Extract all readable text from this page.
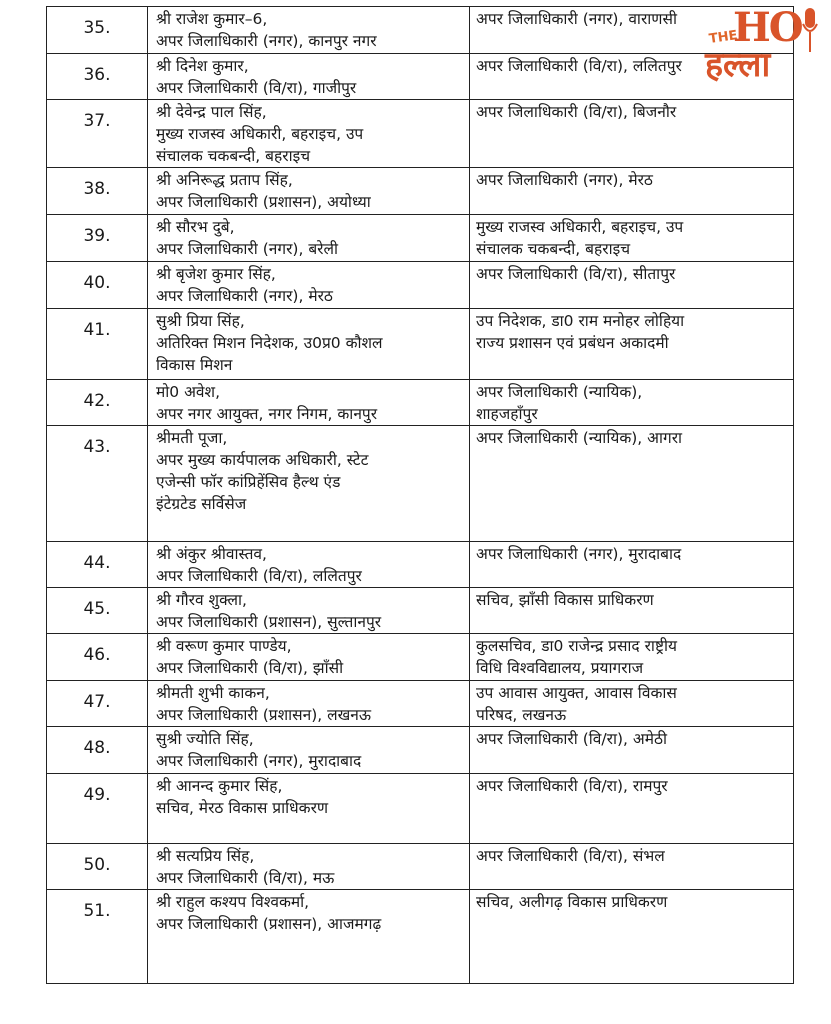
35.	श्री राजेश कुमार–6,
अपर जिलाधिकारी (नगर), कानपुर नगर	अपर जिलाधिकारी (नगर), वाराणसी

36.	श्री दिनेश कुमार,
अपर जिलाधिकारी (वि/रा), गाजीपुर	अपर जिलाधिकारी (वि/रा), ललितपुर

37.	श्री देवेन्द्र पाल सिंह,
मुख्य राजस्व अधिकारी, बहराइच, उप
संचालक चकबन्दी, बहराइच	अपर जिलाधिकारी (वि/रा), बिजनौर

38.	श्री अनिरूद्ध प्रताप सिंह,
अपर जिलाधिकारी (प्रशासन), अयोध्या	अपर जिलाधिकारी (नगर), मेरठ

39.	श्री सौरभ दुबे,
अपर जिलाधिकारी (नगर), बरेली	मुख्य राजस्व अधिकारी, बहराइच, उप
संचालक चकबन्दी, बहराइच

40.	श्री बृजेश कुमार सिंह,
अपर जिलाधिकारी (नगर), मेरठ	अपर जिलाधिकारी (वि/रा), सीतापुर

41.	सुश्री प्रिया सिंह,
अतिरिक्त मिशन निदेशक, उ0प्र0 कौशल
विकास मिशन	उप निदेशक, डा0 राम मनोहर लोहिया
राज्य प्रशासन एवं प्रबंधन अकादमी

42.	मो0 अवेश,
अपर नगर आयुक्त, नगर निगम, कानपुर	अपर जिलाधिकारी (न्यायिक),
शाहजहाँपुर

43.	श्रीमती पूजा,
अपर मुख्य कार्यपालक अधिकारी, स्टेट
एजेन्सी फॉर कांप्रिहेंसिव हैल्थ एंड
इंटेग्रटेड सर्विसेज	अपर जिलाधिकारी (न्यायिक), आगरा

44.	श्री अंकुर श्रीवास्तव,
अपर जिलाधिकारी (वि/रा), ललितपुर	अपर जिलाधिकारी (नगर), मुरादाबाद

45.	श्री गौरव शुक्ला,
अपर जिलाधिकारी (प्रशासन), सुल्तानपुर	सचिव, झाँसी विकास प्राधिकरण

46.	श्री वरूण कुमार पाण्डेय,
अपर जिलाधिकारी (वि/रा), झाँसी	कुलसचिव, डा0 राजेन्द्र प्रसाद राष्ट्रीय
विधि विश्वविद्यालय, प्रयागराज

47.	श्रीमती शुभी काकन,
अपर जिलाधिकारी (प्रशासन), लखनऊ	उप आवास आयुक्त, आवास विकास
परिषद, लखनऊ

48.	सुश्री ज्योति सिंह,
अपर जिलाधिकारी (नगर), मुरादाबाद	अपर जिलाधिकारी (वि/रा), अमेठी

49.	श्री आनन्द कुमार सिंह,
सचिव, मेरठ विकास प्राधिकरण	अपर जिलाधिकारी (वि/रा), रामपुर

50.	श्री सत्यप्रिय सिंह,
अपर जिलाधिकारी (वि/रा), मऊ	अपर जिलाधिकारी (वि/रा), संभल

51.	श्री राहुल कश्यप विश्वकर्मा,
अपर जिलाधिकारी (प्रशासन), आजमगढ़	सचिव, अलीगढ़ विकास प्राधिकरण
THE
HO
हल्ला
